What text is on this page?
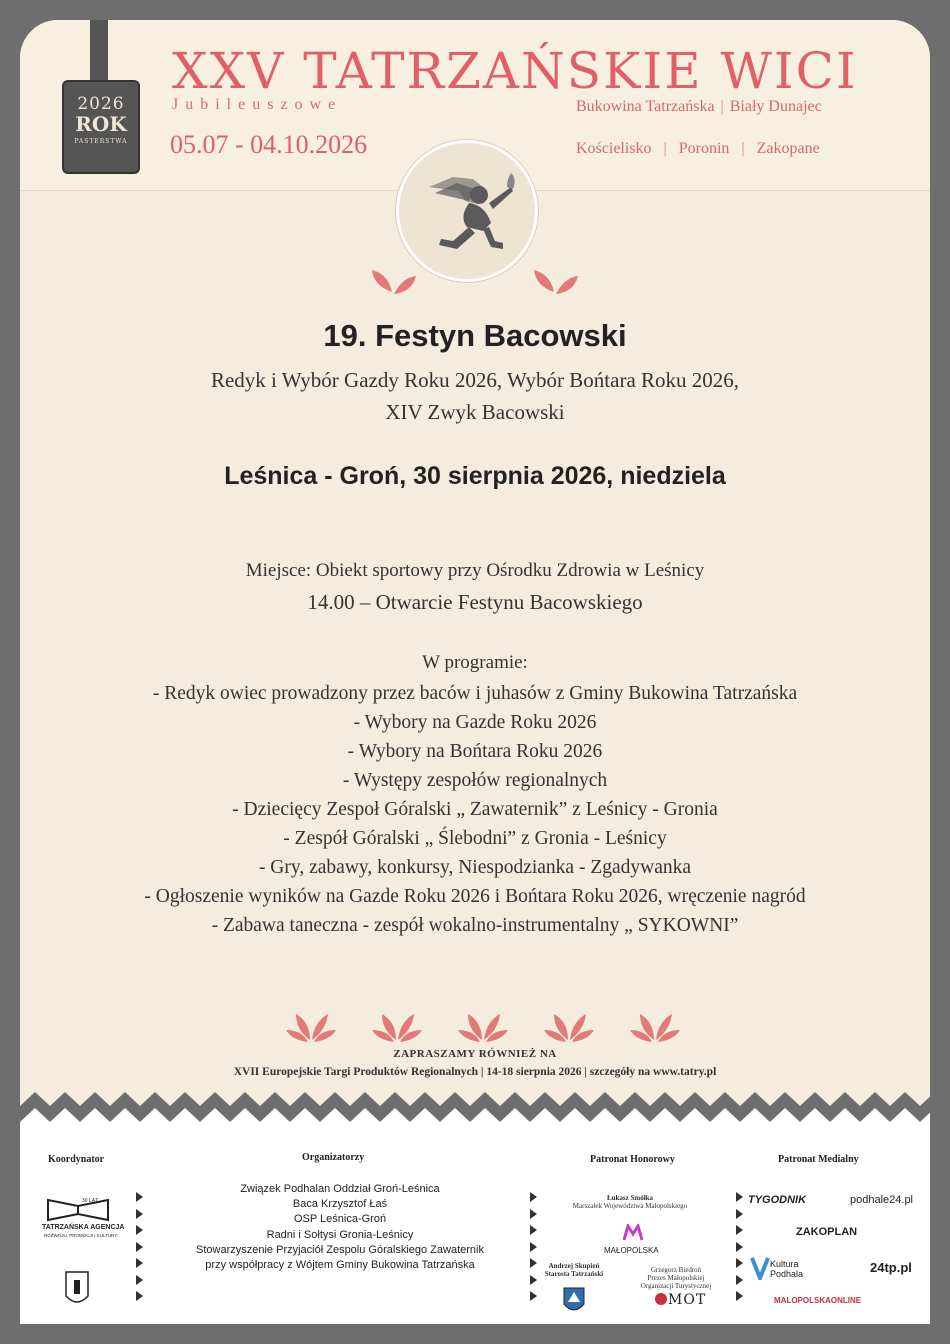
2026
ROK
PASTERSTWA
XXV TATRZAŃSKIE WICI
Jubileuszowe
05.07 - 04.10.2026
Bukowina Tatrzańska | Biały Dunajec
Kościelisko | Poronin | Zakopane
19. Festyn Bacowski
Redyk i Wybór Gazdy Roku 2026, Wybór Bońtara Roku 2026,
XIV Zwyk Bacowski
Leśnica - Groń, 30 sierpnia 2026, niedziela
Miejsce: Obiekt sportowy przy Ośrodku Zdrowia w Leśnicy
14.00 – Otwarcie Festynu Bacowskiego
W programie:
- Redyk owiec prowadzony przez baców i juhasów z Gminy Bukowina Tatrzańska
- Wybory na Gazde Roku 2026
- Wybory na Bońtara Roku 2026
- Występy zespołów regionalnych
- Dziecięcy Zespoł Góralski „ Zawaternik” z Leśnicy - Gronia
- Zespół Góralski „ Ślebodni” z Gronia - Leśnicy
- Gry, zabawy, konkursy, Niespodzianka - Zgadywanka
- Ogłoszenie wyników na Gazde Roku 2026 i Bońtara Roku 2026, wręczenie nagród
- Zabawa taneczna - zespół wokalno-instrumentalny „ SYKOWNI”
ZAPRASZAMY RÓWNIEŻ NA
XVII Europejskie Targi Produktów Regionalnych | 14-18 sierpnia 2026 | szczegóły na www.tatry.pl
Koordynator
TATRZAŃSKA AGENCJA
ROZWOJU, PROMOCJI I KULTURY
30 LAT
Organizatorzy
Związek Podhalan Oddział Groń-Leśnica
Baca Krzysztof Łaś
OSP Leśnica-Groń
Radni i Sołtysi Gronia-Leśnicy
Stowarzyszenie Przyjaciół Zespolu Góralskiego Zawaternik
przy współpracy z Wójtem Gminy Bukowina Tatrzańska
Patronat Honorowy
Łukasz Smółka
Marszałek Województwa Małopolskiego
MAŁOPOLSKA
Andrzej Skupień
Starosta Tatrzański	Grzegorz Biedroń
Prezes Małopolskiej Organizacji Turystycznej
MOT
Patronat Medialny
TYGODNIK	podhale24.pl
ZAKOPLAN
Kultura Podhala	24tp.pl
MALOPOLSKAONLINE
